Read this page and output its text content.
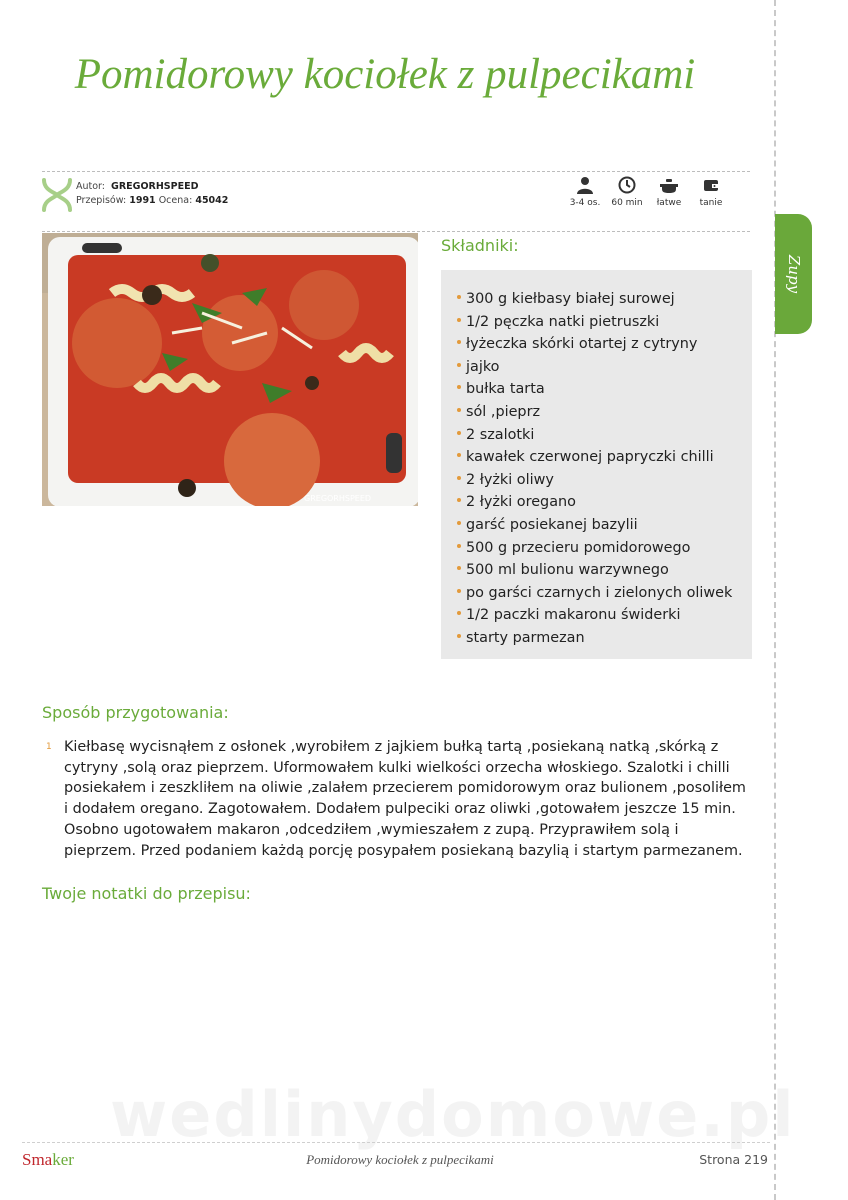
Zupy
Pomidorowy kociołek z pulpecikami
Autor: GREGORHSPEED
Przepisów: 1991 Ocena: 45042	3-4 os.	60 min	łatwe	tanie
GREGORHSPEED
Składniki:
300 g kiełbasy białej surowej
1/2 pęczka natki pietruszki
łyżeczka skórki otartej z cytryny
jajko
bułka tarta
sól ,pieprz
2 szalotki
kawałek czerwonej papryczki chilli
2 łyżki oliwy
2 łyżki oregano
garść posiekanej bazylii
500 g przecieru pomidorowego
500 ml bulionu warzywnego
po garści czarnych i zielonych oliwek
1/2 paczki makaronu świderki
starty parmezan
Sposób przygotowania:
1 Kiełbasę wycisnąłem z osłonek ,wyrobiłem z jajkiem bułką tartą ,posiekaną natką ,skórką z
cytryny ,solą oraz pieprzem. Uformowałem kulki wielkości orzecha włoskiego. Szalotki i chilli
posiekałem i zeszkliłem na oliwie ,zalałem przecierem pomidorowym oraz bulionem ,posoliłem
i dodałem oregano. Zagotowałem. Dodałem pulpeciki oraz oliwki ,gotowałem jeszcze 15 min.
Osobno ugotowałem makaron ,odcedziłem ,wymieszałem z zupą. Przyprawiłem solą i
pieprzem. Przed podaniem każdą porcję posypałem posiekaną bazylią i startym parmezanem.
Twoje notatki do przepisu:
wedlinydomowe.pl
Smaker	Pomidorowy kociołek z pulpecikami	Strona 219
